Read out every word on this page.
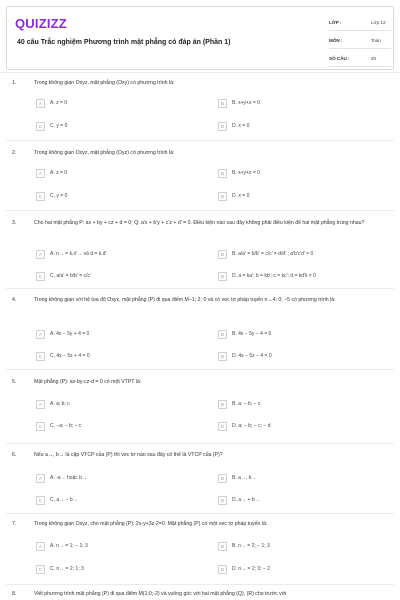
QUIZIZZ
40 câu Trắc nghiệm Phương trình mặt phẳng có đáp án (Phần 1)
LỚP :	Lớp 12
MÔN :	Toán
SỐ CÂU :	20
1.	Trong không gian Oxyz, mặt phẳng (Oxy) có phương trình là:
A	A. z = 0	B	B. x+y+z = 0
C	C. y = 0	D	D. x = 0
2.	Trong không gian Oxyz, mặt phẳng (Oyz) có phương trình là:
A	A. z = 0	B	B. x+y+z = 0
C	C. y = 0	D	D. x = 0
3.	Cho hai mặt phẳng P: ax + by + cz + d = 0; Q: a'x + b'y + c'z + d' = 0. Điều kiện nào sau đây không phải điều kiện để hai mặt phẳng trùng nhau?
A	A. n→ = k.n'→ và d = k.d'	B	B. a/a' = b/b' = c/c' ≠ d/d' ; a'b'c'd' ≠ 0
C	C. a/a' = b/b' = c/c'	D	D. a = ka'; b = kb'; c = kc'; d = kd'k ≠ 0
4.	Trong không gian với hệ tọa độ Oxyz, mặt phẳng (P) đi qua điểm M−1; 2; 0 và có vec tơ pháp tuyến n→4; 0; −5 có phương trình là:
A	A. 4x − 5y + 4 = 0	B	B. 4x − 5y − 4 = 0
C	C. 4x − 5z + 4 = 0	D	D. 4x − 5z − 4 = 0
5.	Mặt phẳng (P): ax-by-cz-d = 0 có một VTPT là:
A	A. a; b; c	B	B. a; − b; − c
C	C. −a; − b; − c	D	D. a; − b; − c; − d
6.	Nếu a→, b→ là cặp VTCP của (P) thì vec tơ nào sau đây có thể là VTCP của (P)?
A	A. -a→ hoặc b→	B	B. a→, b→
C	C. a→ − b→	D	D. a→ + b→
7.	Trong không gian Oxyz, cho mặt phẳng (P): 2x-y+3z-2=0. Mặt phẳng (P) có một vec tơ pháp tuyến là:
A	A. n→ = 1; − 1; 3	B	B. n→ = 2; − 1; 3
C	C. n→ = 2; 1; 3	D	D. n→ = 2; 3; − 2
8.	Viết phương trình mặt phẳng (P) đi qua điểm M(1;0;-2) và vuông góc với hai mặt phẳng (Q), (R) cho trước với
